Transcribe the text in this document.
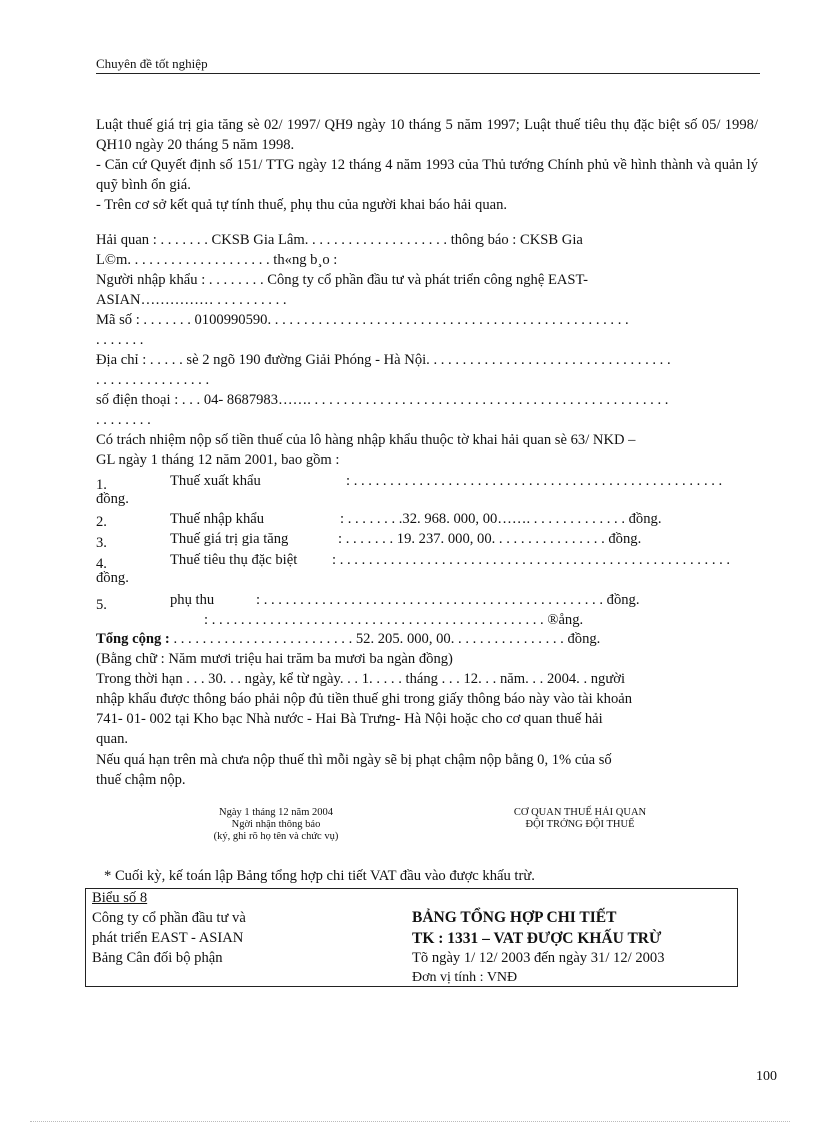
Chuyên đề tốt nghiệp
Luật thuế giá trị gia tăng sè 02/ 1997/ QH9 ngày 10 tháng 5 năm 1997; Luật thuế tiêu thụ đặc biệt số 05/ 1998/ QH10 ngày 20 tháng 5 năm 1998.
- Căn cứ Quyết định số 151/ TTG ngày 12 tháng 4 năm 1993 của Thủ tướng Chính phủ về hình thành và quản lý quỹ bình ổn giá.
- Trên cơ sở kết quả tự tính thuế, phụ thu của người khai báo hải quan.
Hải quan : . . . . . . . CKSB Gia Lâm. . . . . . . . . . . . . . . . . . . . thông báo : CKSB Gia
L©m. . . . . . . . . . . . . . . . . . . . th«ng b¸o :
Người nhập khẩu : . . . . . . . . Công ty cổ phần đầu tư và phát triển công nghệ EAST-
ASIAN…………… . . . . . . . . . .
Mã số : . . . . . . . 0100990590. . . . . . . . . . . . . . . . . . . . . . . . . . . . . . . . . . . . . . . . . . . . . . . . . .
. . . . . . .
Địa chỉ : . . . . . sè 2 ngõ 190 đường Giải Phóng - Hà Nội. . . . . . . . . . . . . . . . . . . . . . . . . . . . . . . . . .
. . . . . . . . . . . . . . . .
số điện thoại : . . . 04- 8687983……. . . . . . . . . . . . . . . . . . . . . . . . . . . . . . . . . . . . . . . . . . . . . . . . . .
. . . . . . . .
Có trách nhiệm nộp số tiền thuế của lô hàng nhập khẩu thuộc tờ khai hải quan sè 63/ NKD –
GL ngày 1 tháng 12 năm 2001, bao gồm :
1.	Thuế xuất khẩu	: . . . . . . . . . . . . . . . . . . . . . . . . . . . . . . . . . . . . . . . . . . . . . . . . . . .
đồng.
2.	Thuế nhập khẩu	: . . . . . . . .32. 968. 000, 00……. . . . . . . . . . . . . . đồng.
3.	Thuế giá trị gia tăng	: . . . . . . . 19. 237. 000, 00. . . . . . . . . . . . . . . . đồng.
4.	Thuế tiêu thụ đặc biệt : . . . . . . . . . . . . . . . . . . . . . . . . . . . . . . . . . . . . . . . . . . . . . . . . . . . . . .
đồng.
5.	phụ thu	: . . . . . . . . . . . . . . . . . . . . . . . . . . . . . . . . . . . . . . . . . . . . . . . đồng.
: . . . . . . . . . . . . . . . . . . . . . . . . . . . . . . . . . . . . . . . . . . . . . . ®ång.
Tổng cộng : . . . . . . . . . . . . . . . . . . . . . . . . . 52. 205. 000, 00. . . . . . . . . . . . . . . . đồng.
(Bằng chữ : Năm mươi triệu hai trăm ba mươi ba ngàn đồng)
Trong thời hạn . . . 30. . . ngày, kể từ ngày. . . 1. . . . . tháng . . . 12. . . năm. . . 2004. . người
nhập khẩu được thông báo phải nộp đủ tiền thuế ghi trong giấy thông báo này vào tài khoản
741- 01- 002 tại Kho bạc Nhà nước - Hai Bà Trưng- Hà Nội hoặc cho cơ quan thuế hải
quan.
Nếu quá hạn trên mà chưa nộp thuế thì mỗi ngày sẽ bị phạt chậm nộp bằng 0, 1% của số
thuế chậm nộp.
Ngày 1 tháng 12 năm 2004
Ngời nhận thông báo
(ký, ghi rõ họ tên và chức vụ)
CƠ QUAN THUẾ HẢI QUAN
ĐỘI TRỞNG ĐỘI THUẾ
* Cuối kỳ, kế toán lập Bảng tổng hợp chi tiết VAT đầu vào được khấu trừ.
Biểu số 8
Công ty cổ phần đầu tư và
phát triển EAST - ASIAN
Bảng Cân đối bộ phận
BẢNG TỔNG HỢP CHI TIẾT
TK : 1331 – VAT ĐƯỢC KHẤU TRỪ
Tõ ngày 1/ 12/ 2003 đến ngày 31/ 12/ 2003
Đơn vị tính : VNĐ
100
